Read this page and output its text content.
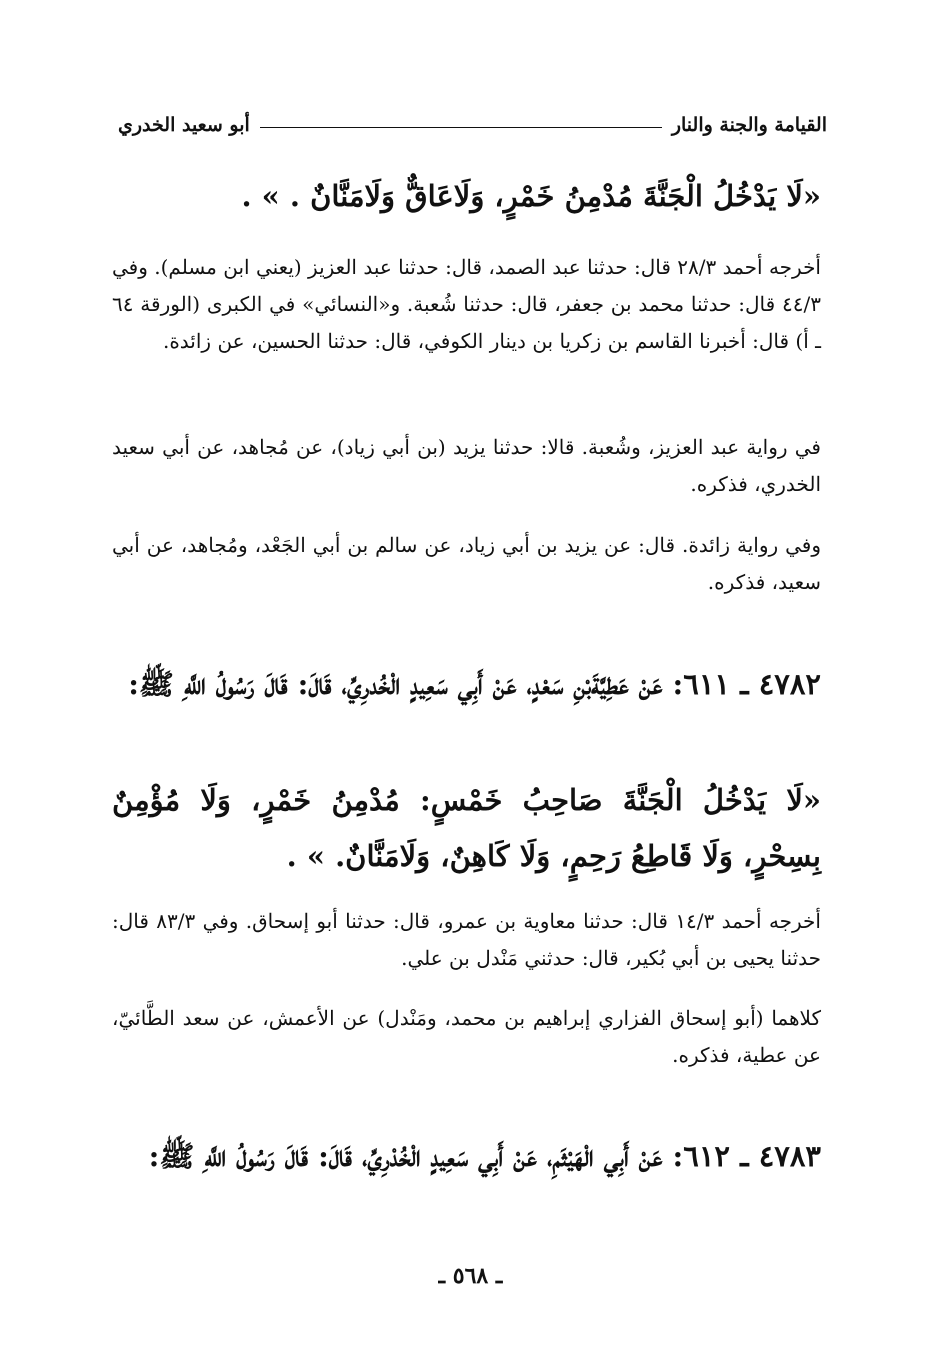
القيامة والجنة والنار
أبو سعيد الخدري
«لَا يَدْخُلُ الْجَنَّةَ مُدْمِنُ خَمْرٍ، وَلَاعَاقٌّ وَلَامَنَّانٌ . » .
أخرجه أحمد ٢٨/٣ قال: حدثنا عبد الصمد، قال: حدثنا عبد العزيز (يعني ابن مسلم). وفي ٤٤/٣ قال: حدثنا محمد بن جعفر، قال: حدثنا شُعبة. و«النسائي» في الكبرى (الورقة ٦٤ ـ أ) قال: أخبرنا القاسم بن زكريا بن دينار الكوفي، قال: حدثنا الحسين، عن زائدة.
في رواية عبد العزيز، وشُعبة. قالا: حدثنا يزيد (بن أبي زياد)، عن مُجاهد، عن أبي سعيد الخدري، فذكره.
وفي رواية زائدة. قال: عن يزيد بن أبي زياد، عن سالم بن أبي الجَعْد، ومُجاهد، عن أبي سعيد، فذكره.
٤٧٨٢ ـ ٦١١: عَنْ عَطِيَّةَبْنِ سَعْدٍ، عَنْ أَبِي سَعِيدٍ الْخُدرِيِّ، قَالَ: قَالَ رَسُولُ اللَّهِ ﷺ:
«لَا يَدْخُلُ الْجَنَّةَ صَاحِبُ خَمْسٍ: مُدْمِنُ خَمْرٍ، وَلَا مُؤْمِنٌ بِسِحْرٍ، وَلَا قَاطِعُ رَحِمٍ، وَلَا كَاهِنٌ، وَلَامَنَّانٌ. » .
أخرجه أحمد ١٤/٣ قال: حدثنا معاوية بن عمرو، قال: حدثنا أبو إسحاق. وفي ٨٣/٣ قال: حدثنا يحيى بن أبي بُكير، قال: حدثني مَنْدل بن علي.
كلاهما (أبو إسحاق الفزاري إبراهيم بن محمد، ومَنْدل) عن الأعمش، عن سعد الطَّائيّ، عن عطية، فذكره.
٤٧٨٣ ـ ٦١٢: عَنْ أَبِي الْهَيْثَمِ، عَنْ أَبِي سَعِيدٍ الْخُدْرِيِّ، قَالَ: قَالَ رَسُولُ اللَّهِ ﷺ:
ـ ٥٦٨ ـ
